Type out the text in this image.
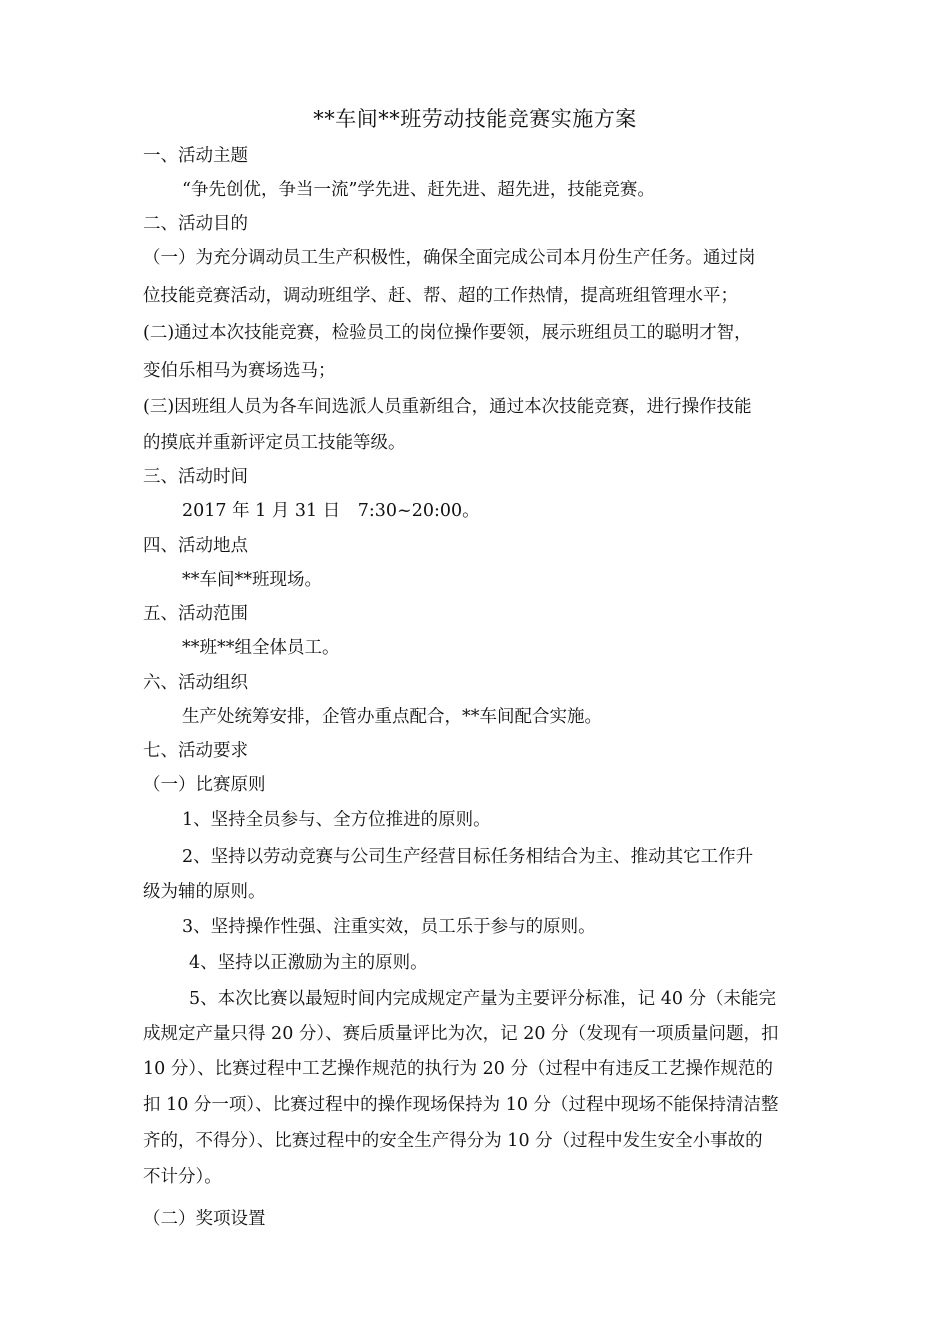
**车间**班劳动技能竞赛实施方案
一、活动主题
“争先创优，争当一流”学先进、赶先进、超先进，技能竞赛。
二、活动目的
（一）为充分调动员工生产积极性，确保全面完成公司本月份生产任务。通过岗
位技能竞赛活动，调动班组学、赶、帮、超的工作热情，提高班组管理水平；
(二)通过本次技能竞赛，检验员工的岗位操作要领，展示班组员工的聪明才智，
变伯乐相马为赛场选马；
(三)因班组人员为各车间选派人员重新组合，通过本次技能竞赛，进行操作技能
的摸底并重新评定员工技能等级。
三、活动时间
2017 年 1 月 31 日　7:30~20:00。
四、活动地点
**车间**班现场。
五、活动范围
**班**组全体员工。
六、活动组织
生产处统筹安排，企管办重点配合，**车间配合实施。
七、活动要求
（一）比赛原则
1、坚持全员参与、全方位推进的原则。
2、坚持以劳动竞赛与公司生产经营目标任务相结合为主、推动其它工作升
级为辅的原则。
3、坚持操作性强、注重实效，员工乐于参与的原则。
4、坚持以正激励为主的原则。
5、本次比赛以最短时间内完成规定产量为主要评分标准，记 40 分（未能完
成规定产量只得 20 分）、赛后质量评比为次，记 20 分（发现有一项质量问题，扣
10 分）、比赛过程中工艺操作规范的执行为 20 分（过程中有违反工艺操作规范的
扣 10 分一项）、比赛过程中的操作现场保持为 10 分（过程中现场不能保持清洁整
齐的，不得分）、比赛过程中的安全生产得分为 10 分（过程中发生安全小事故的
不计分）。
（二）奖项设置
